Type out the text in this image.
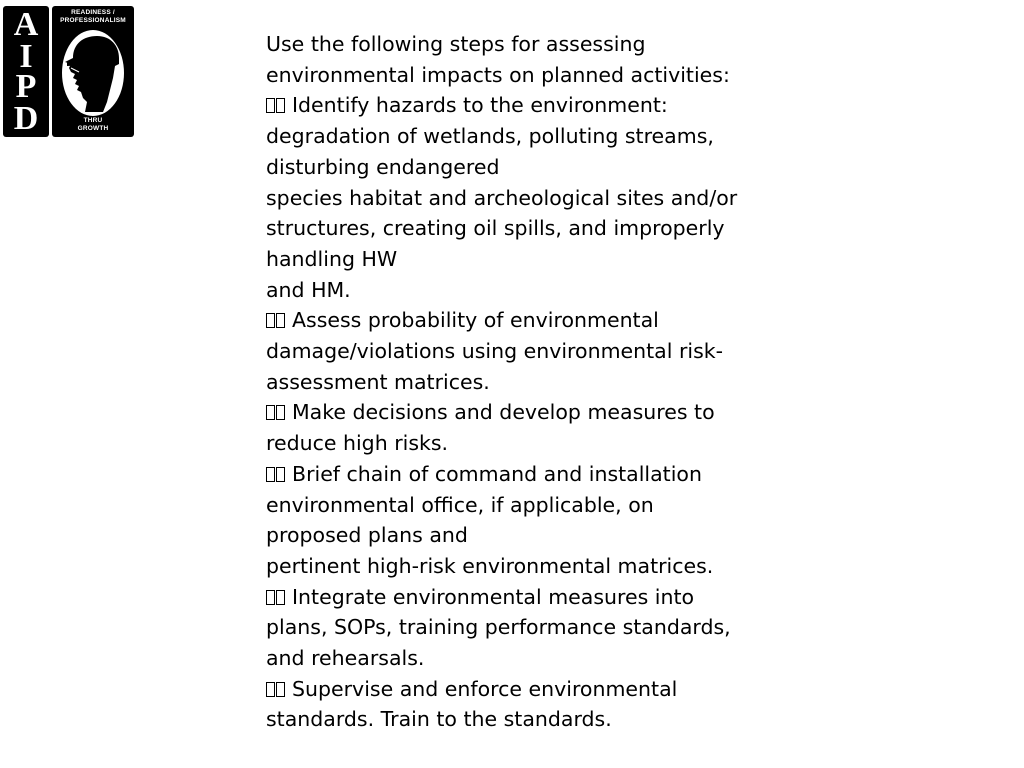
A
I
P
D
READINESS /
PROFESSIONALISM
THRU
GROWTH
Use the following steps for assessing
environmental impacts on planned activities:
Identify hazards to the environment:
degradation of wetlands, polluting streams,
disturbing endangered
species habitat and archeological sites and/or
structures, creating oil spills, and improperly
handling HW
and HM.
Assess probability of environmental
damage/violations using environmental risk-
assessment matrices.
Make decisions and develop measures to
reduce high risks.
Brief chain of command and installation
environmental office, if applicable, on
proposed plans and
pertinent high-risk environmental matrices.
Integrate environmental measures into
plans, SOPs, training performance standards,
and rehearsals.
Supervise and enforce environmental
standards. Train to the standards.
